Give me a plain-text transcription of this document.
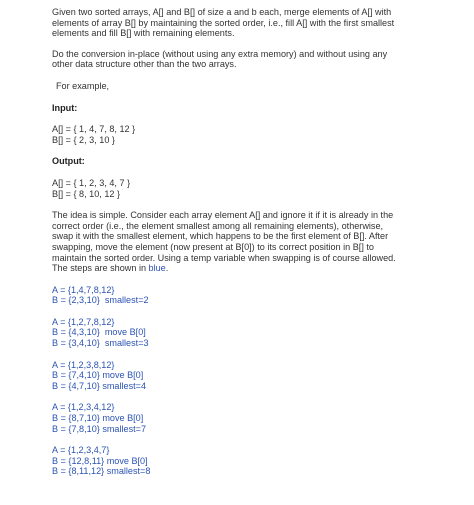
Given two sorted arrays, A[] and B[] of size a and b each, merge elements of A[] with
elements of array B[] by maintaining the sorted order, i.e., fill A[] with the first smallest
elements and fill B[] with remaining elements.
Do the conversion in-place (without using any extra memory) and without using any
other data structure other than the two arrays.
For example,
Input:
A[] = { 1, 4, 7, 8, 12 }
B[] = { 2, 3, 10 }
Output:
A[] = { 1, 2, 3, 4, 7 }
B[] = { 8, 10, 12 }
The idea is simple. Consider each array element A[] and ignore it if it is already in the
correct order (i.e., the element smallest among all remaining elements), otherwise,
swap it with the smallest element, which happens to be the first element of B[]. After
swapping, move the element (now present at B[0]) to its correct position in B[] to
maintain the sorted order. Using a temp variable when swapping is of course allowed.
The steps are shown in blue.
A = {1,4,7,8,12}
B = {2,3,10}  smallest=2
A = {1,2,7,8,12}
B = {4,3,10}  move B[0]
B = {3,4,10}  smallest=3
A = {1,2,3,8,12}
B = {7,4,10} move B[0]
B = {4,7,10} smallest=4
A = {1,2,3,4,12}
B = {8,7,10} move B[0]
B = {7,8,10} smallest=7
A = {1,2,3,4,7}
B = {12,8,11} move B[0]
B = {8,11,12} smallest=8
